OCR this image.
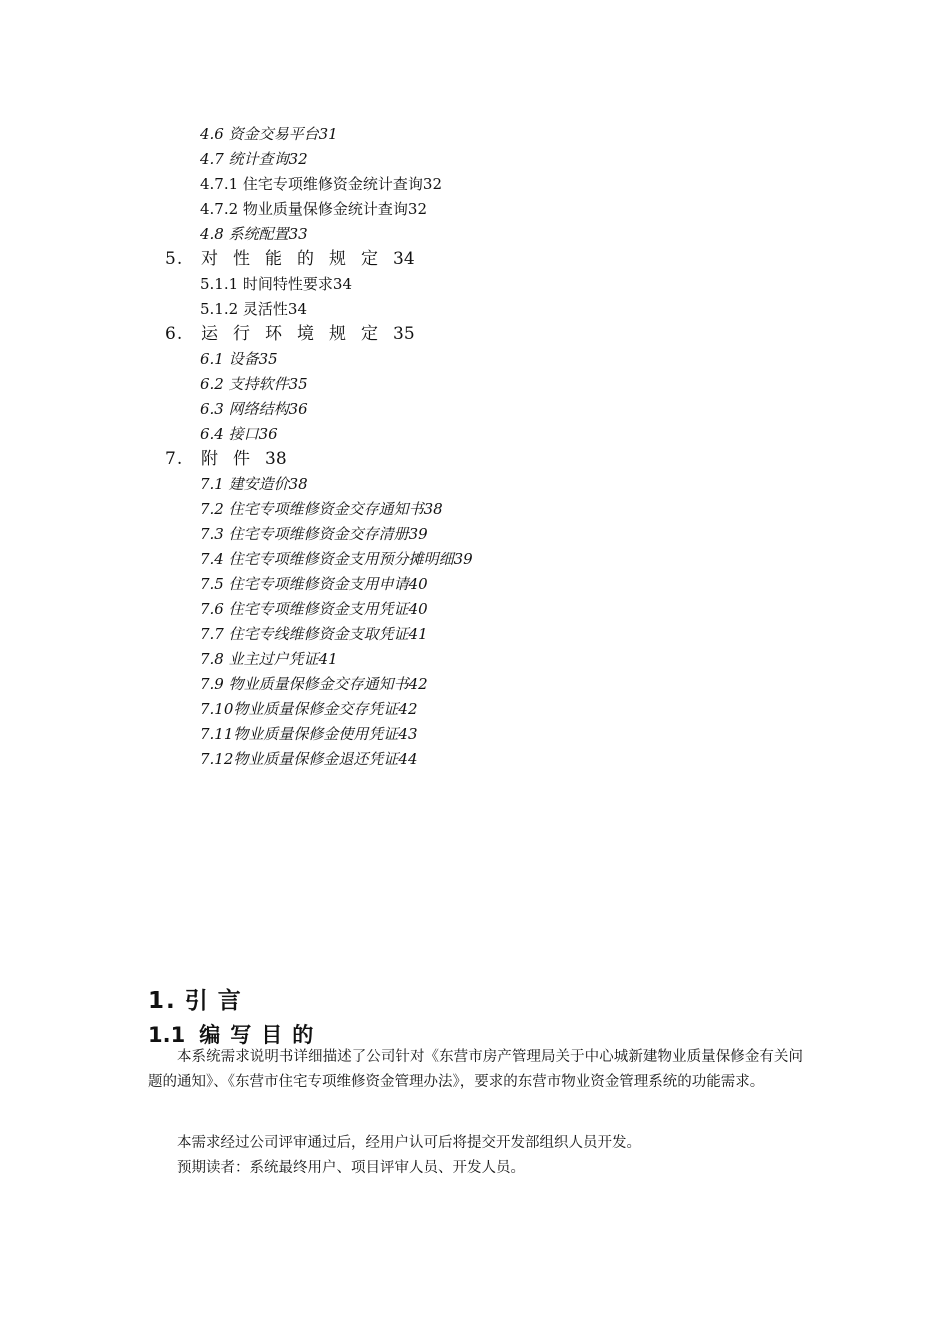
4.6 资金交易平台31
4.7 统计查询32
4.7.1 住宅专项维修资金统计查询32
4.7.2 物业质量保修金统计查询32
4.8 系统配置33
5. 对性能的规定34
5.1.1 时间特性要求34
5.1.2 灵活性34
6. 运行环境规定35
6.1 设备35
6.2 支持软件35
6.3 网络结构36
6.4 接口36
7. 附件38
7.1 建安造价38
7.2 住宅专项维修资金交存通知书38
7.3 住宅专项维修资金交存清册39
7.4 住宅专项维修资金支用预分摊明细39
7.5 住宅专项维修资金支用申请40
7.6 住宅专项维修资金支用凭证40
7.7 住宅专线维修资金支取凭证41
7.8 业主过户凭证41
7.9 物业质量保修金交存通知书42
7.10物业质量保修金交存凭证42
7.11物业质量保修金使用凭证43
7.12物业质量保修金退还凭证44
1. 引言
1.1 编写目的

本系统需求说明书详细描述了公司针对《东营市房产管理局关于中心城新建物业质量保修金有关问题的通知》、《东营市住宅专项维修资金管理办法》，要求的东营市物业资金管理系统的功能需求。

本需求经过公司评审通过后，经用户认可后将提交开发部组织人员开发。

预期读者：系统最终用户、项目评审人员、开发人员。
